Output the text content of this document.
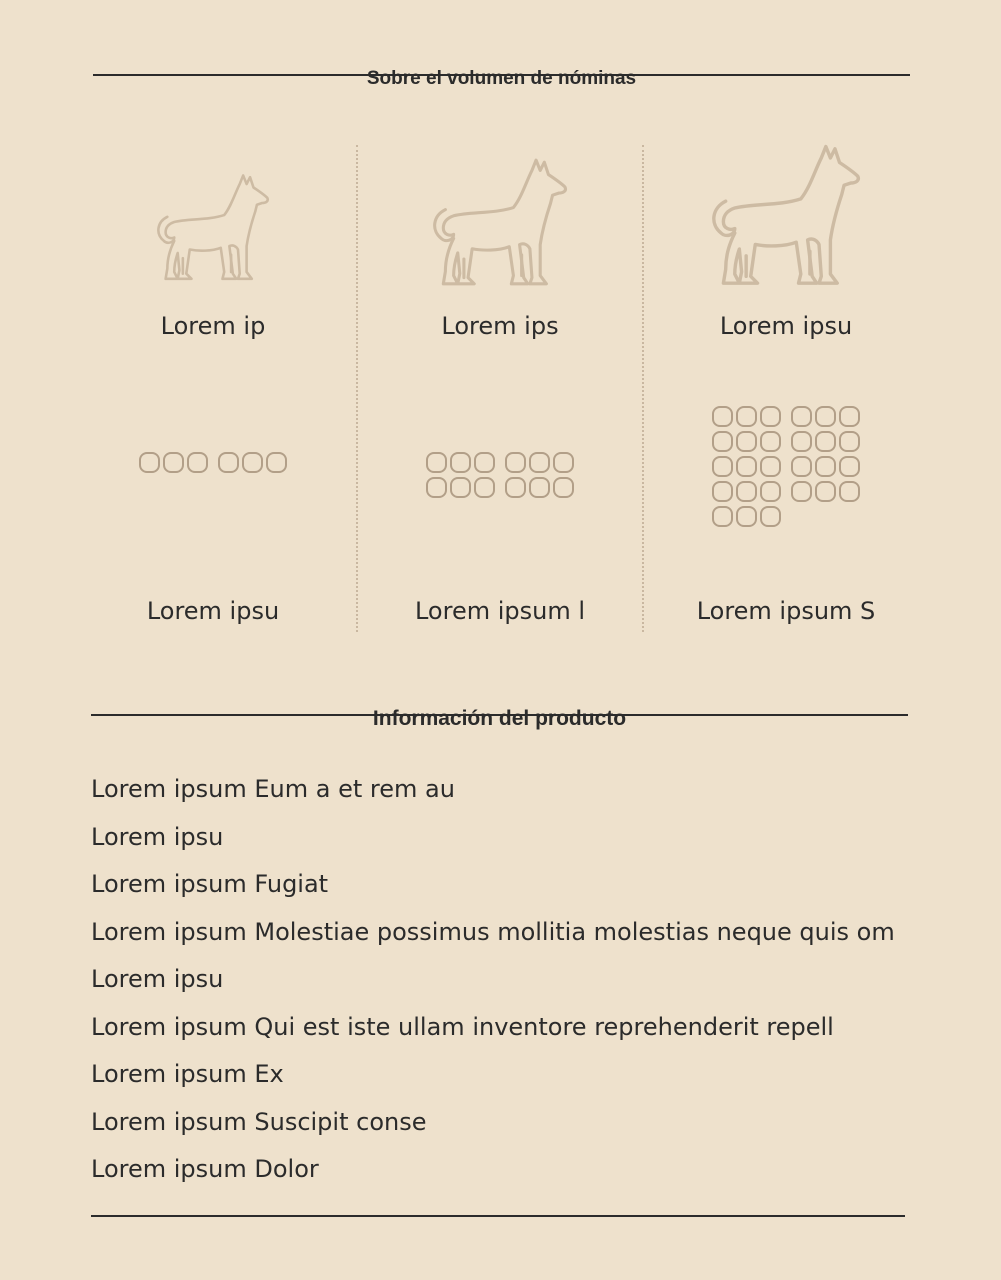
Sobre el volumen de nóminas
Lorem ip
Lorem ipsu
Lorem ips
Lorem ipsum l
Lorem ipsu
Lorem ipsum S
Información del producto
Lorem ipsum Eum a et rem au
Lorem ipsu
Lorem ipsum Fugiat
Lorem ipsum Molestiae possimus mollitia molestias neque quis om
Lorem ipsu
Lorem ipsum Qui est iste ullam inventore reprehenderit repell
Lorem ipsum Ex
Lorem ipsum Suscipit conse
Lorem ipsum Dolor
